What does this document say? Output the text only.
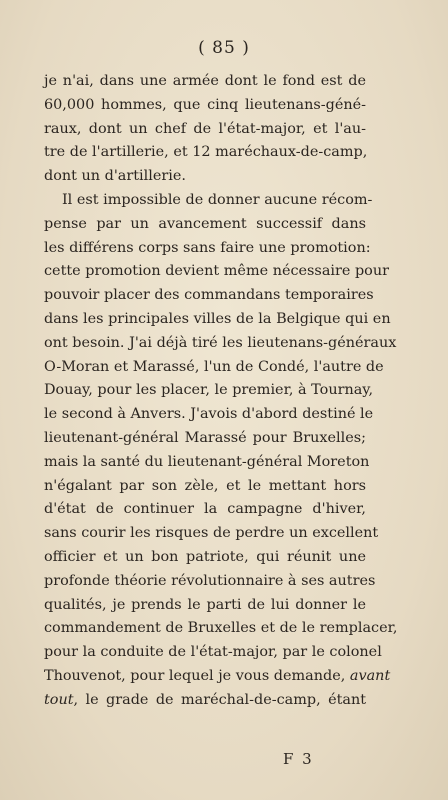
( 85 )
je n'ai, dans une armée dont le fond est de
60,000 hommes, que cinq lieutenans-géné-
raux, dont un chef de l'état-major, et l'au-
tre de l'artillerie, et 12 maréchaux-de-camp,
dont un d'artillerie.
Il est impossible de donner aucune récom-
pense par un avancement successif dans
les différens corps sans faire une promotion:
cette promotion devient même nécessaire pour
pouvoir placer des commandans temporaires
dans les principales villes de la Belgique qui en
ont besoin. J'ai déjà tiré les lieutenans-généraux
O-Moran et Marassé, l'un de Condé, l'autre de
Douay, pour les placer, le premier, à Tournay,
le second à Anvers. J'avois d'abord destiné le
lieutenant-général Marassé pour Bruxelles;
mais la santé du lieutenant-général Moreton
n'égalant par son zèle, et le mettant hors
d'état de continuer la campagne d'hiver,
sans courir les risques de perdre un excellent
officier et un bon patriote, qui réunit une
profonde théorie révolutionnaire à ses autres
qualités, je prends le parti de lui donner le
commandement de Bruxelles et de le remplacer,
pour la conduite de l'état-major, par le colonel
Thouvenot, pour lequel je vous demande, avant
tout, le grade de maréchal-de-camp, étant
F 3
